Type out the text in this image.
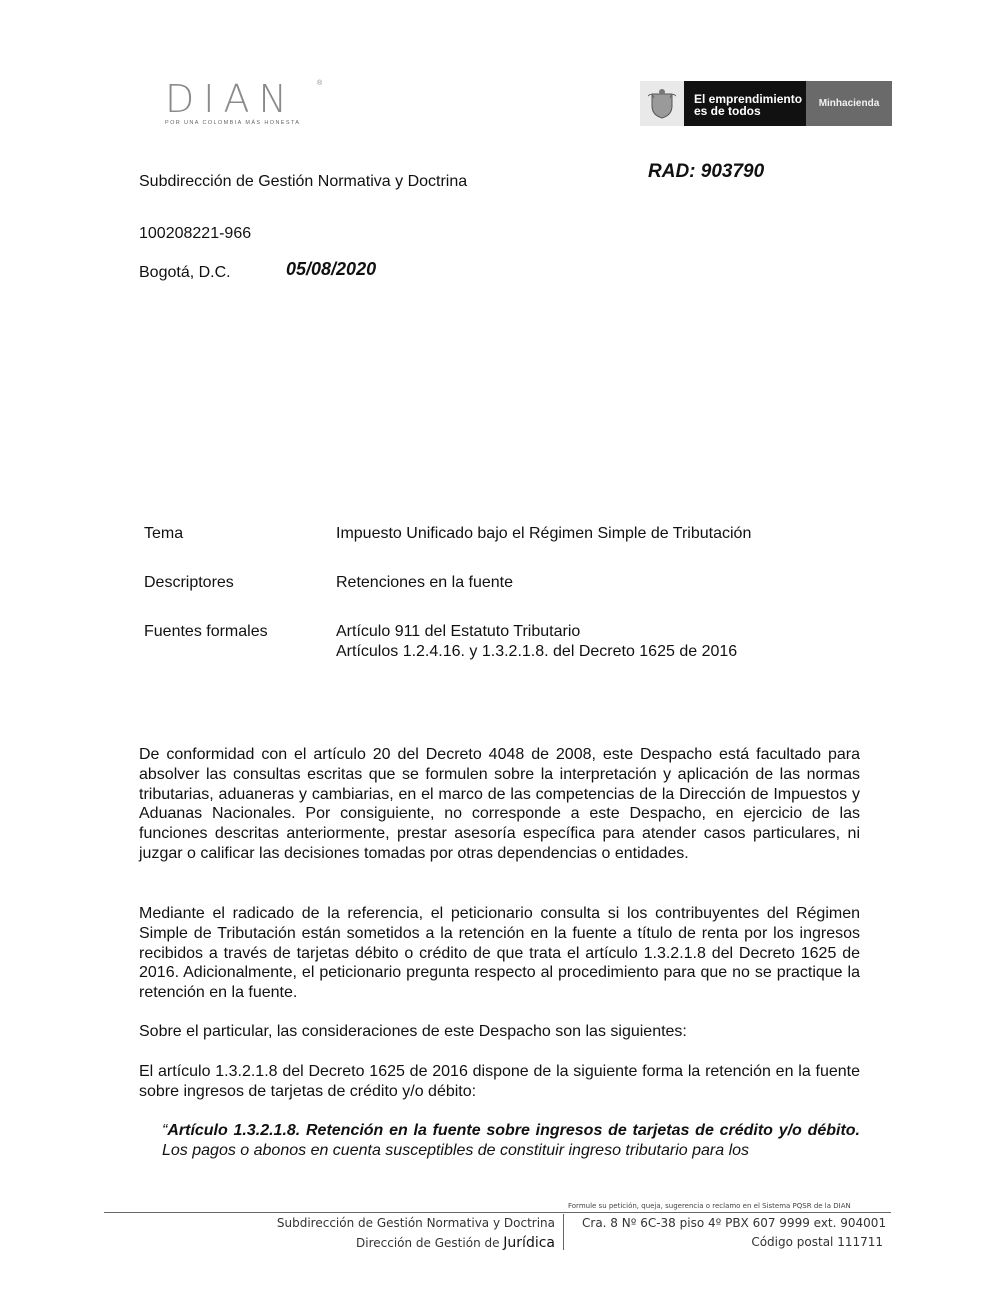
DIAN	®
POR UNA COLOMBIA MÁS HONESTA
El emprendimiento
es de todos
Minhacienda
Subdirección de Gestión Normativa y Doctrina	RAD: 903790
100208221-966
Bogotá, D.C.	05/08/2020
Tema	Impuesto Unificado bajo el Régimen Simple de Tributación
Descriptores	Retenciones en la fuente
Fuentes formales	Artículo 911 del Estatuto Tributario
Artículos 1.2.4.16. y 1.3.2.1.8. del Decreto 1625 de 2016
De conformidad con el artículo 20 del Decreto 4048 de 2008, este Despacho está facultado para absolver las consultas escritas que se formulen sobre la interpretación y aplicación de las normas tributarias, aduaneras y cambiarias, en el marco de las competencias de la Dirección de Impuestos y Aduanas Nacionales. Por consiguiente, no corresponde a este Despacho, en ejercicio de las funciones descritas anteriormente, prestar asesoría específica para atender casos particulares, ni juzgar o calificar las decisiones tomadas por otras dependencias o entidades.
Mediante el radicado de la referencia, el peticionario consulta si los contribuyentes del Régimen Simple de Tributación están sometidos a la retención en la fuente a título de renta por los ingresos recibidos a través de tarjetas débito o crédito de que trata el artículo 1.3.2.1.8 del Decreto 1625 de 2016. Adicionalmente, el peticionario pregunta respecto al procedimiento para que no se practique la retención en la fuente.
Sobre el particular, las consideraciones de este Despacho son las siguientes:
El artículo 1.3.2.1.8 del Decreto 1625 de 2016 dispone de la siguiente forma la retención en la fuente sobre ingresos de tarjetas de crédito y/o débito:
“Artículo 1.3.2.1.8. Retención en la fuente sobre ingresos de tarjetas de crédito y/o débito. Los pagos o abonos en cuenta susceptibles de constituir ingreso tributario para los
Formule su petición, queja, sugerencia o reclamo en el Sistema PQSR de la DIAN
Subdirección de Gestión Normativa y Doctrina
Dirección de Gestión de Jurídica
Cra. 8 Nº 6C-38 piso 4º PBX 607 9999 ext. 904001
Código postal 111711
